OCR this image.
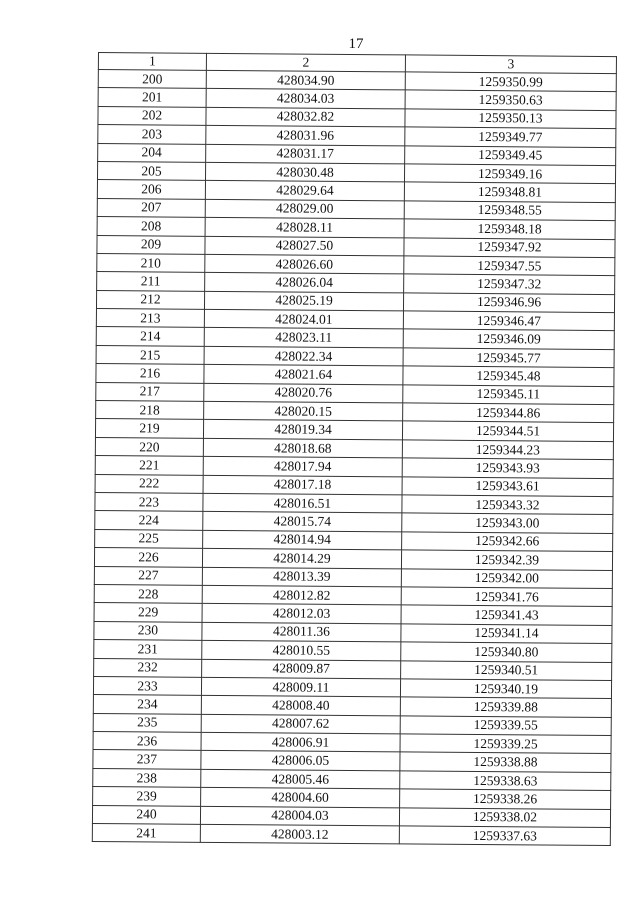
17
1	2	3
200	428034.90	1259350.99
201	428034.03	1259350.63
202	428032.82	1259350.13
203	428031.96	1259349.77
204	428031.17	1259349.45
205	428030.48	1259349.16
206	428029.64	1259348.81
207	428029.00	1259348.55
208	428028.11	1259348.18
209	428027.50	1259347.92
210	428026.60	1259347.55
211	428026.04	1259347.32
212	428025.19	1259346.96
213	428024.01	1259346.47
214	428023.11	1259346.09
215	428022.34	1259345.77
216	428021.64	1259345.48
217	428020.76	1259345.11
218	428020.15	1259344.86
219	428019.34	1259344.51
220	428018.68	1259344.23
221	428017.94	1259343.93
222	428017.18	1259343.61
223	428016.51	1259343.32
224	428015.74	1259343.00
225	428014.94	1259342.66
226	428014.29	1259342.39
227	428013.39	1259342.00
228	428012.82	1259341.76
229	428012.03	1259341.43
230	428011.36	1259341.14
231	428010.55	1259340.80
232	428009.87	1259340.51
233	428009.11	1259340.19
234	428008.40	1259339.88
235	428007.62	1259339.55
236	428006.91	1259339.25
237	428006.05	1259338.88
238	428005.46	1259338.63
239	428004.60	1259338.26
240	428004.03	1259338.02
241	428003.12	1259337.63
